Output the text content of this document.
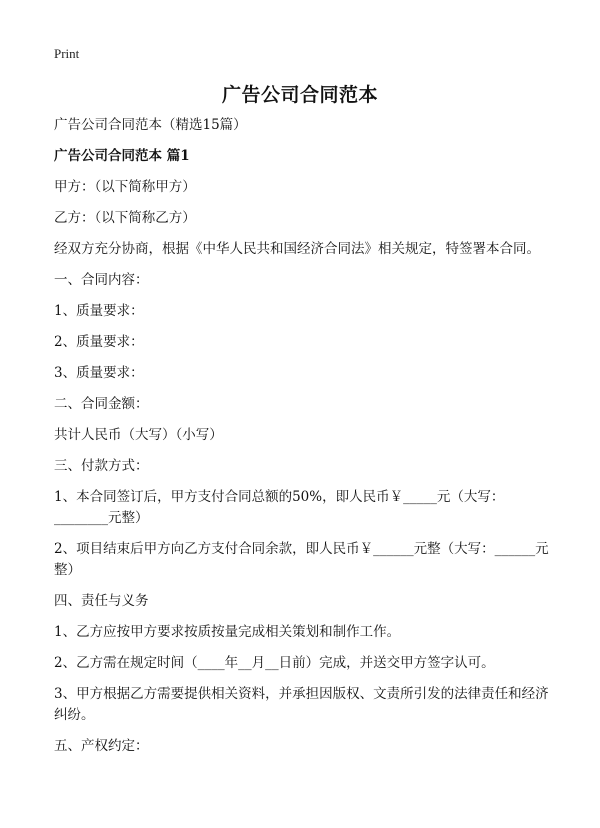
Print
广告公司合同范本

广告公司合同范本（精选15篇）

广告公司合同范本 篇1

甲方：（以下简称甲方）

乙方：（以下简称乙方）

经双方充分协商，根据《中华人民共和国经济合同法》相关规定，特签署本合同。

一、合同内容：

1、质量要求：

2、质量要求：

3、质量要求：

二、合同金额：

共计人民币（大写）（小写）

三、付款方式：

1、本合同签订后，甲方支付合同总额的50%，即人民币￥_____元（大写：________元整）

2、项目结束后甲方向乙方支付合同余款，即人民币￥______元整（大写：______元整）

四、责任与义务

1、乙方应按甲方要求按质按量完成相关策划和制作工作。

2、乙方需在规定时间（____年__月__日前）完成，并送交甲方签字认可。

3、甲方根据乙方需要提供相关资料，并承担因版权、文责所引发的法律责任和经济纠纷。

五、产权约定：
